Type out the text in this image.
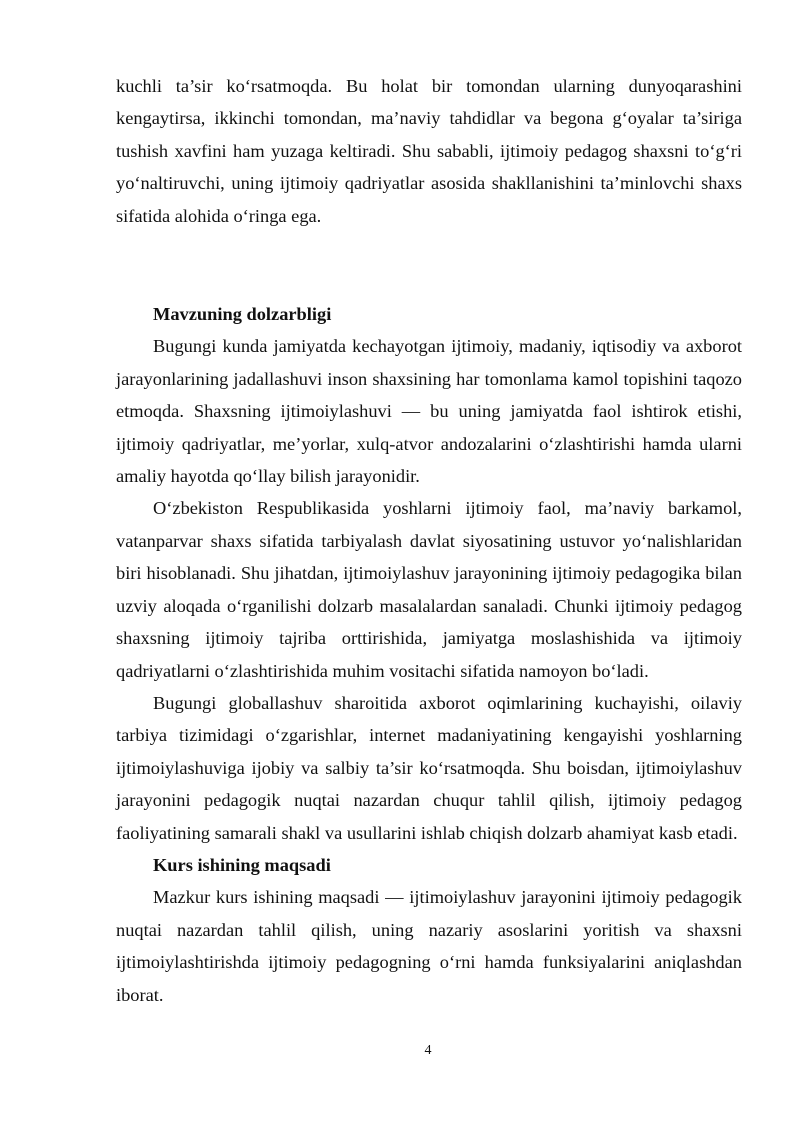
kuchli ta’sir ko‘rsatmoqda. Bu holat bir tomondan ularning dunyoqarashini kengaytirsa, ikkinchi tomondan, ma’naviy tahdidlar va begona g‘oyalar ta’siriga tushish xavfini ham yuzaga keltiradi. Shu sababli, ijtimoiy pedagog shaxsni to‘g‘ri yo‘naltiruvchi, uning ijtimoiy qadriyatlar asosida shakllanishini ta’minlovchi shaxs sifatida alohida o‘ringa ega.

Mavzuning dolzarbligi

Bugungi kunda jamiyatda kechayotgan ijtimoiy, madaniy, iqtisodiy va axborot jarayonlarining jadallashuvi inson shaxsining har tomonlama kamol topishini taqozo etmoqda. Shaxsning ijtimoiylashuvi — bu uning jamiyatda faol ishtirok etishi, ijtimoiy qadriyatlar, me’yorlar, xulq-atvor andozalarini o‘zlashtirishi hamda ularni amaliy hayotda qo‘llay bilish jarayonidir.

O‘zbekiston Respublikasida yoshlarni ijtimoiy faol, ma’naviy barkamol, vatanparvar shaxs sifatida tarbiyalash davlat siyosatining ustuvor yo‘nalishlaridan biri hisoblanadi. Shu jihatdan, ijtimoiylashuv jarayonining ijtimoiy pedagogika bilan uzviy aloqada o‘rganilishi dolzarb masalalardan sanaladi. Chunki ijtimoiy pedagog shaxsning ijtimoiy tajriba orttirishida, jamiyatga moslashishida va ijtimoiy qadriyatlarni o‘zlashtirishida muhim vositachi sifatida namoyon bo‘ladi.

Bugungi globallashuv sharoitida axborot oqimlarining kuchayishi, oilaviy tarbiya tizimidagi o‘zgarishlar, internet madaniyatining kengayishi yoshlarning ijtimoiylashuviga ijobiy va salbiy ta’sir ko‘rsatmoqda. Shu boisdan, ijtimoiylashuv jarayonini pedagogik nuqtai nazardan chuqur tahlil qilish, ijtimoiy pedagog faoliyatining samarali shakl va usullarini ishlab chiqish dolzarb ahamiyat kasb etadi.

Kurs ishining maqsadi

Mazkur kurs ishining maqsadi — ijtimoiylashuv jarayonini ijtimoiy pedagogik nuqtai nazardan tahlil qilish, uning nazariy asoslarini yoritish va shaxsni ijtimoiylashtirishda ijtimoiy pedagogning o‘rni hamda funksiyalarini aniqlashdan iborat.

4
